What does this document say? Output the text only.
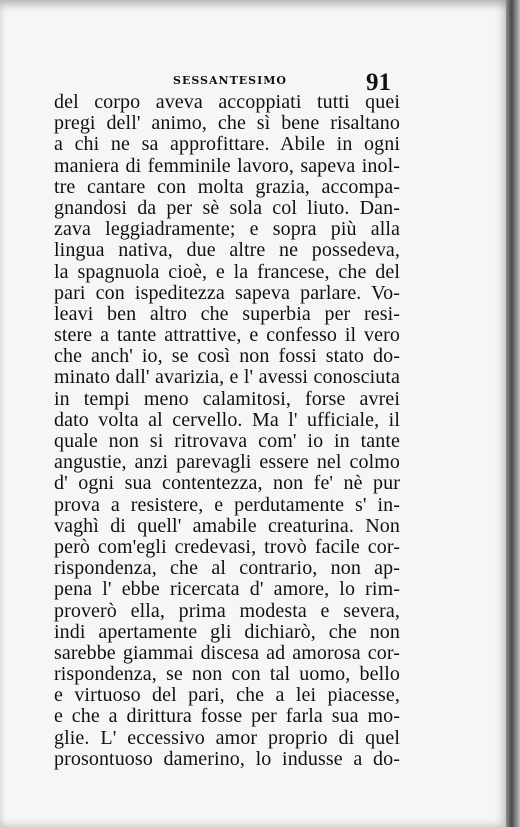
SESSANTESIMO	91
del corpo aveva accoppiati tutti quei
pregi dell' animo, che sì bene risaltano
a chi ne sa approfittare. Abile in ogni
maniera di femminile lavoro, sapeva inol-
tre cantare con molta grazia, accompa-
gnandosi da per sè sola col liuto. Dan-
zava leggiadramente; e sopra più alla
lingua nativa, due altre ne possedeva,
la spagnuola cioè, e la francese, che del
pari con ispeditezza sapeva parlare. Vo-
leavi ben altro che superbia per resi-
stere a tante attrattive, e confesso il vero
che anch' io, se così non fossi stato do-
minato dall' avarizia, e l' avessi conosciuta
in tempi meno calamitosi, forse avrei
dato volta al cervello. Ma l' ufficiale, il
quale non si ritrovava com' io in tante
angustie, anzi parevagli essere nel colmo
d' ogni sua contentezza, non fe' nè pur
prova a resistere, e perdutamente s' in-
vaghì di quell' amabile creaturina. Non
però com'egli credevasi, trovò facile cor-
rispondenza, che al contrario, non ap-
pena l' ebbe ricercata d' amore, lo rim-
proverò ella, prima modesta e severa,
indi apertamente gli dichiarò, che non
sarebbe giammai discesa ad amorosa cor-
rispondenza, se non con tal uomo, bello
e virtuoso del pari, che a lei piacesse,
e che a dirittura fosse per farla sua mo-
glie. L' eccessivo amor proprio di quel
prosontuoso damerino, lo indusse a do-
